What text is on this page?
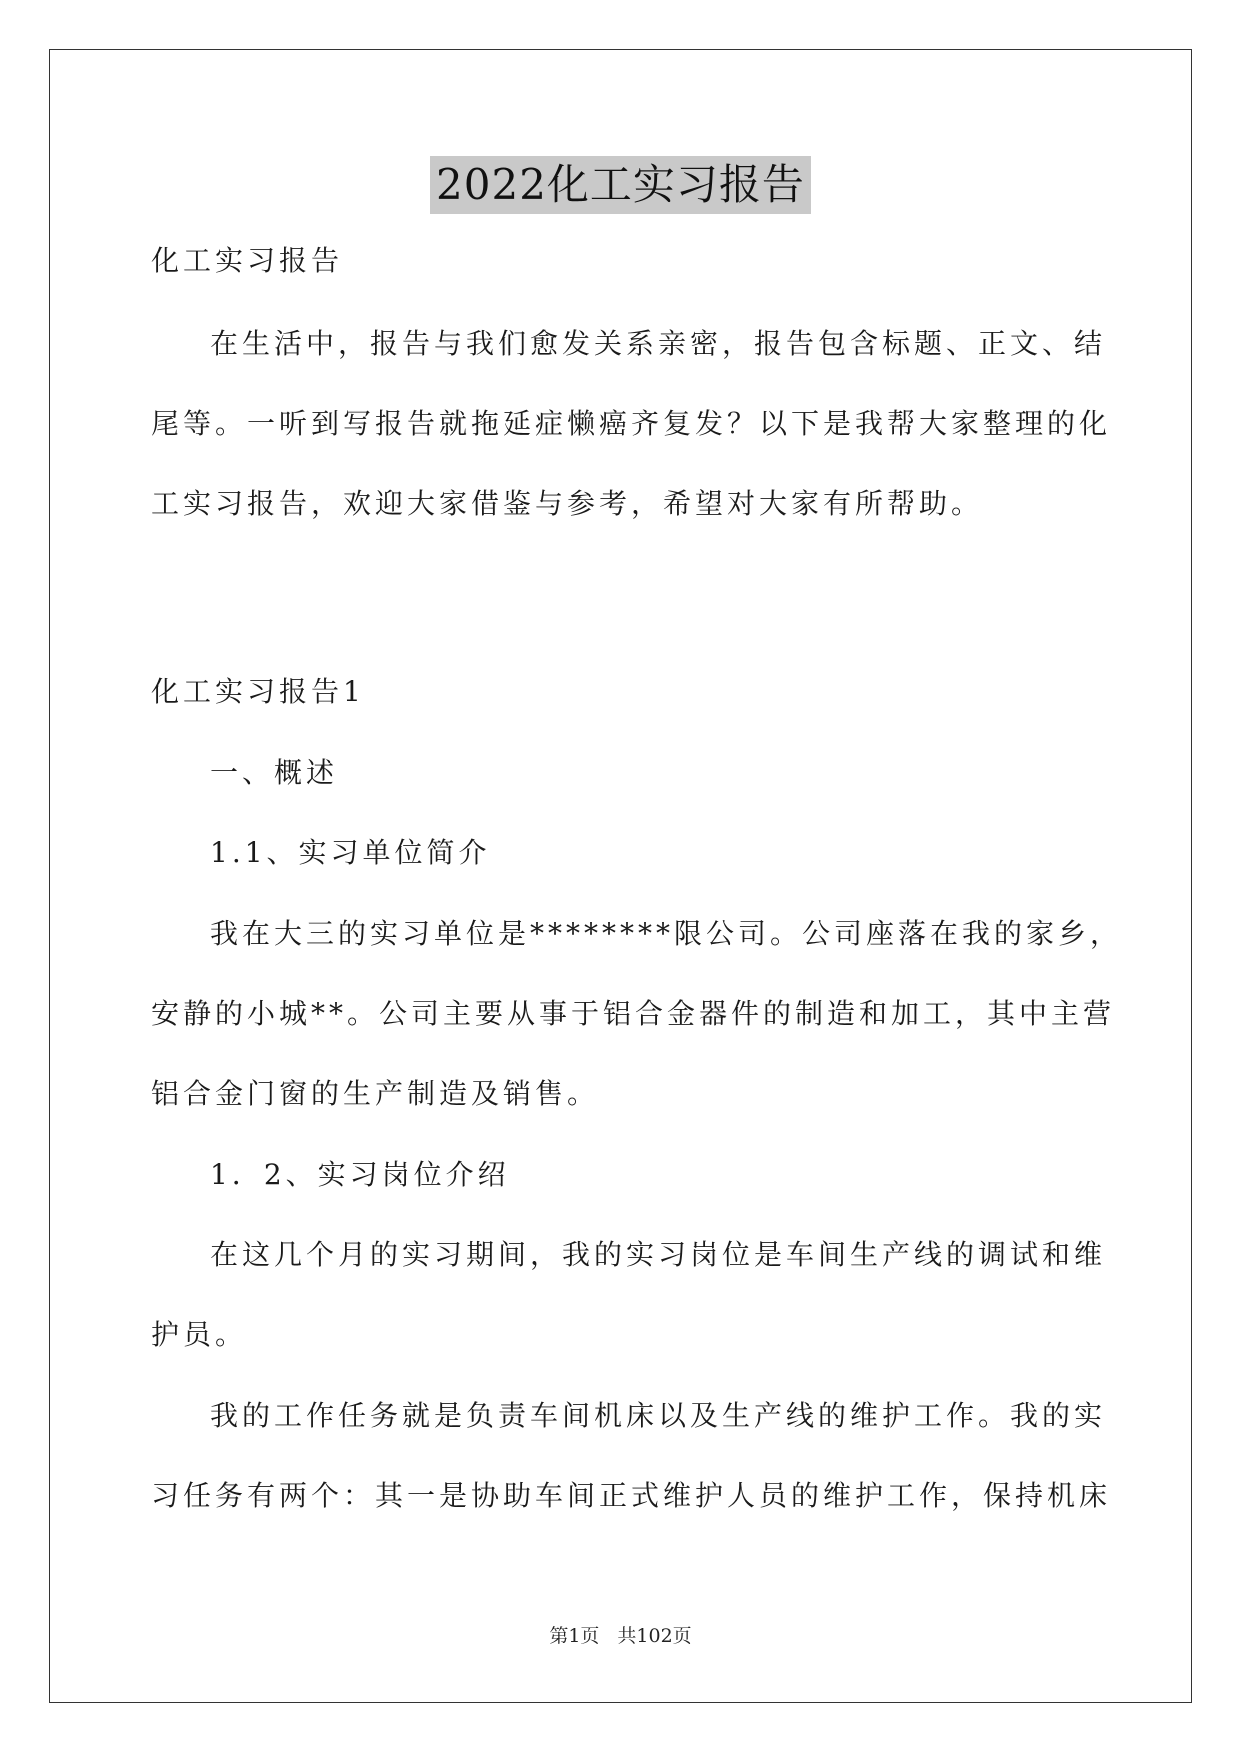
2022化工实习报告
化工实习报告
在生活中，报告与我们愈发关系亲密，报告包含标题、正文、结
尾等。一听到写报告就拖延症懒癌齐复发？以下是我帮大家整理的化
工实习报告，欢迎大家借鉴与参考，希望对大家有所帮助。
化工实习报告1
一、概述
1.1、实习单位简介
我在大三的实习单位是********限公司。公司座落在我的家乡，
安静的小城**。公司主要从事于铝合金器件的制造和加工，其中主营
铝合金门窗的生产制造及销售。
1．2、实习岗位介绍
在这几个月的实习期间，我的实习岗位是车间生产线的调试和维
护员。
我的工作任务就是负责车间机床以及生产线的维护工作。我的实
习任务有两个：其一是协助车间正式维护人员的维护工作，保持机床
第1页 共102页
